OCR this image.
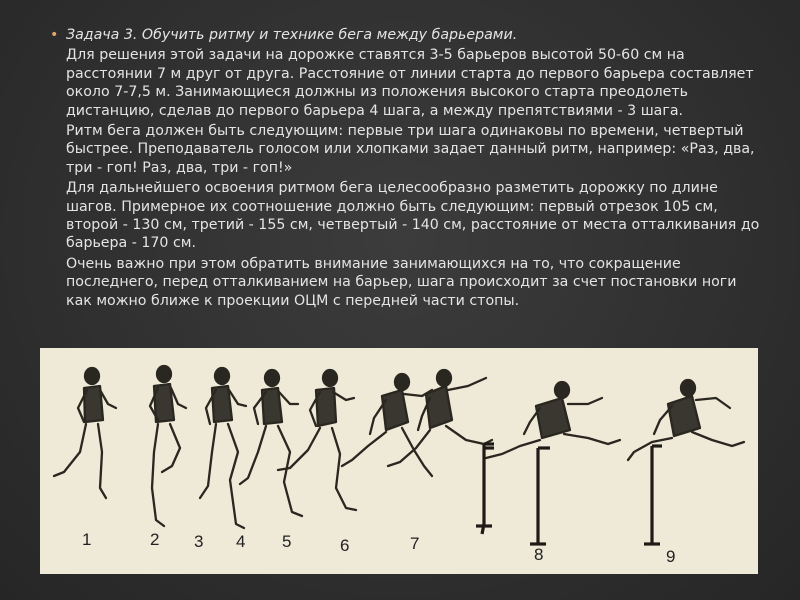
• Задача 3. Обучить ритму и технике бега между барьерами.

Для решения этой задачи на дорожке ставятся 3-5 барьеров высотой 50-60 см на расстоянии 7 м друг от друга. Расстояние от линии старта до первого барьера составляет около 7-7,5 м. Занимающиеся должны из положения высокого старта преодолеть дистанцию, сделав до первого барьера 4 шага, а между препятствиями - 3 шага.

Ритм бега должен быть следующим: первые три шага одинаковы по времени, четвертый быстрее. Преподаватель голосом или хлопками задает данный ритм, например: «Раз, два, три - гоп! Раз, два, три - гоп!»

Для дальнейшего освоения ритмом бега целесообразно разметить дорожку по длине шагов. Примерное их соотношение должно быть следующим: первый отрезок 105 см, второй - 130 см, третий - 155 см, четвертый - 140 см, расстояние от места отталкивания до барьера - 170 см.

Очень важно при этом обратить внимание занимающихся на то, что сокращение последнего, перед отталкиванием на барьер, шага происходит за счет постановки ноги как можно ближе к проекции ОЦМ с передней части стопы.

1	2 3 4 5	6	7
8	9
